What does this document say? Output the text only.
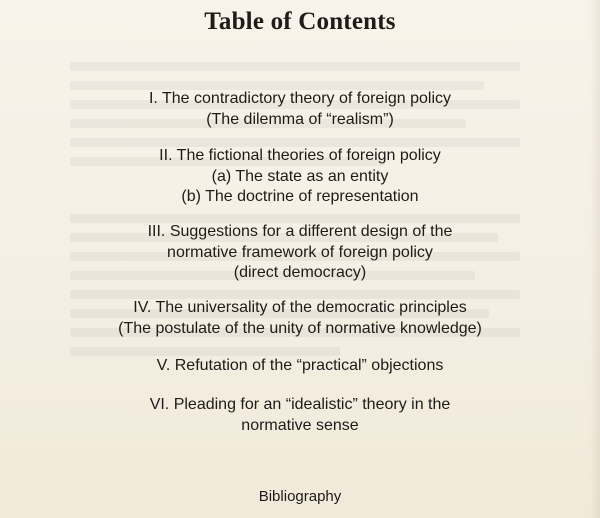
Table of Contents
I. The contradictory theory of foreign policy
(The dilemma of “realism”)
II. The fictional theories of foreign policy
(a) The state as an entity
(b) The doctrine of representation
III. Suggestions for a different design of the
normative framework of foreign policy
(direct democracy)
IV. The universality of the democratic principles
(The postulate of the unity of normative knowledge)
V. Refutation of the “practical” objections
VI. Pleading for an “idealistic” theory in the
normative sense
Bibliography
